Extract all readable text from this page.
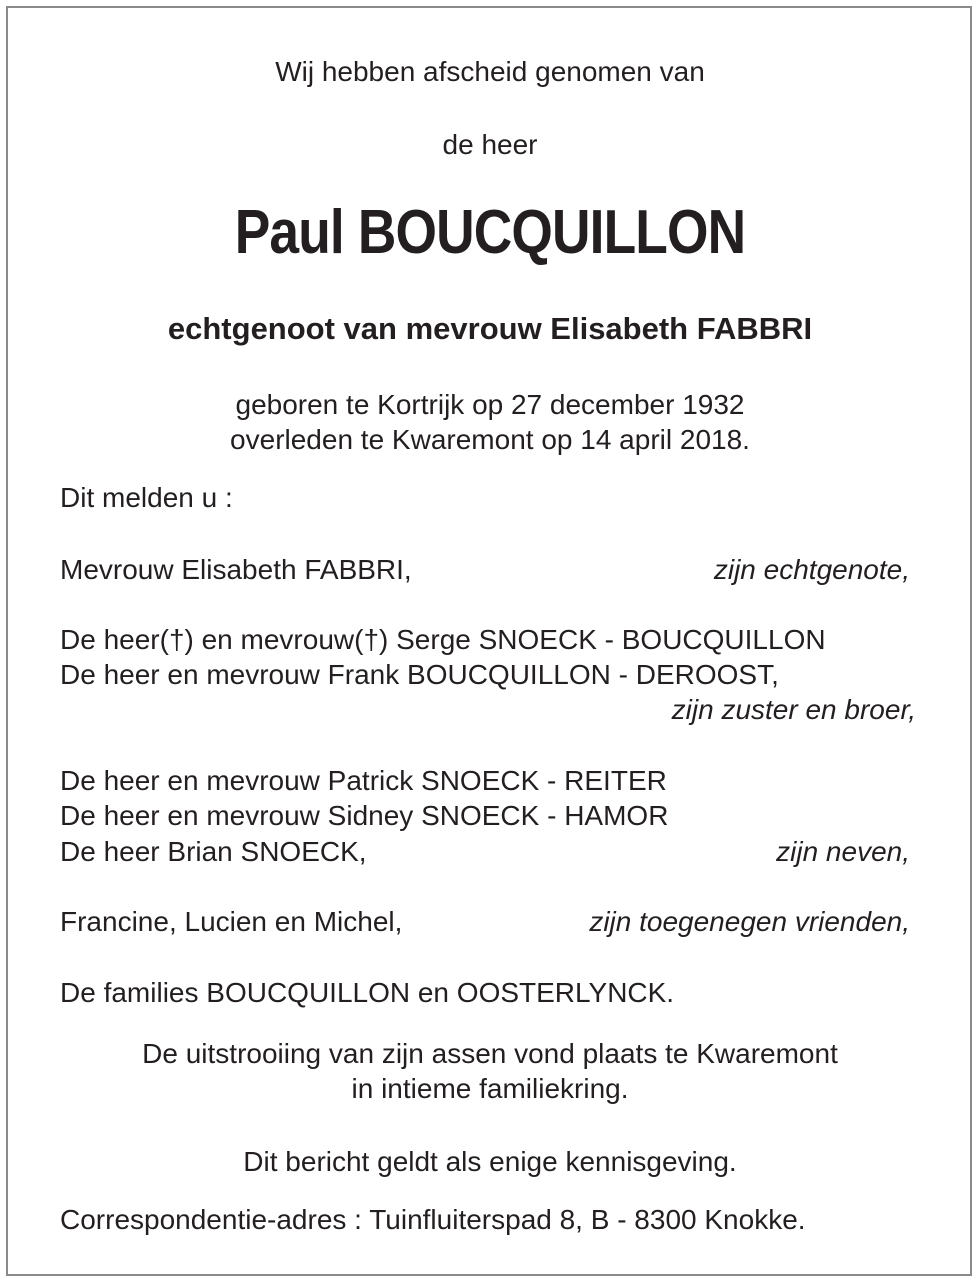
Wij hebben afscheid genomen van
de heer
Paul BOUCQUILLON
echtgenoot van mevrouw Elisabeth FABBRI
geboren te Kortrijk op 27 december 1932
overleden te Kwaremont op 14 april 2018.
Dit melden u :
Mevrouw Elisabeth FABBRI,	zijn echtgenote,
De heer(†) en mevrouw(†) Serge SNOECK - BOUCQUILLON
De heer en mevrouw Frank BOUCQUILLON - DEROOST,
zijn zuster en broer,
De heer en mevrouw Patrick SNOECK - REITER
De heer en mevrouw Sidney SNOECK - HAMOR
De heer Brian SNOECK,	zijn neven,
Francine, Lucien en Michel,	zijn toegenegen vrienden,
De families BOUCQUILLON en OOSTERLYNCK.
De uitstrooiing van zijn assen vond plaats te Kwaremont
in intieme familiekring.
Dit bericht geldt als enige kennisgeving.
Correspondentie-adres : Tuinfluiterspad 8, B - 8300 Knokke.
